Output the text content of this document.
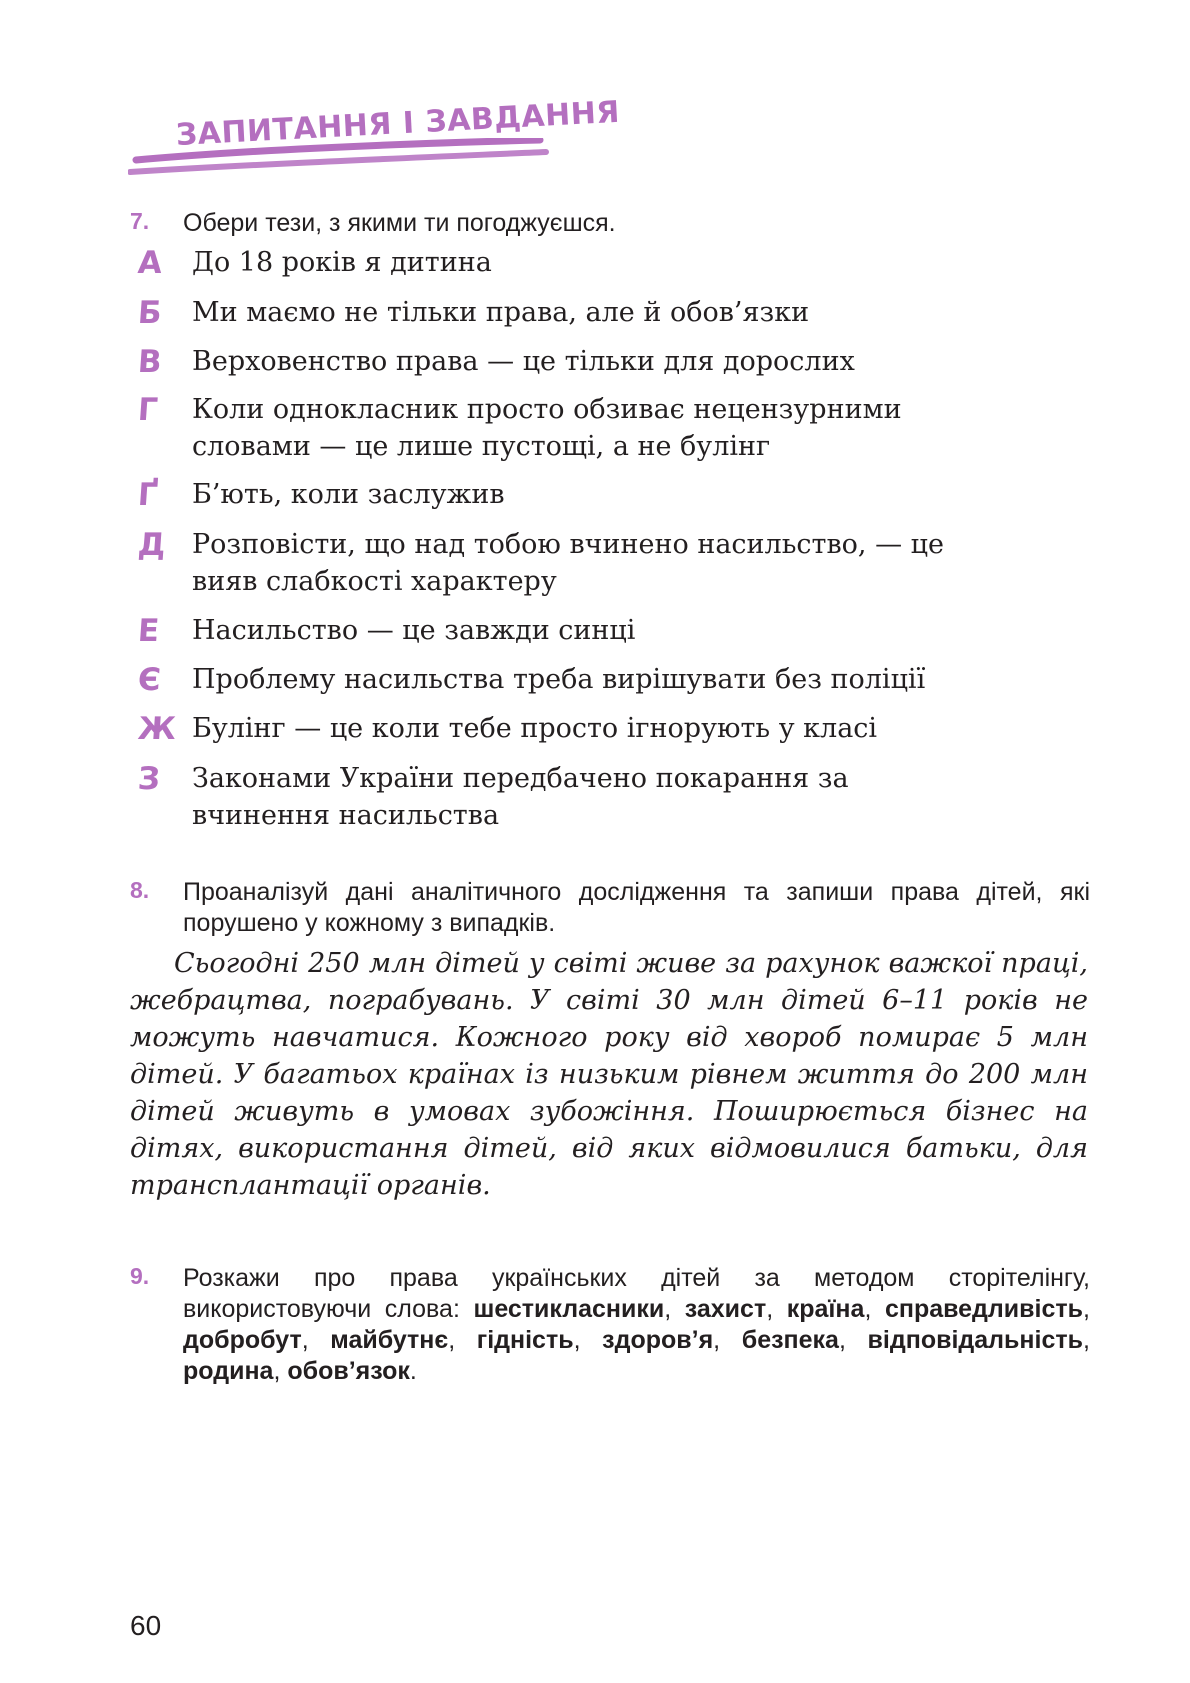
ЗАПИТАННЯ І ЗАВДАННЯ
7. Обери тези, з якими ти погоджуєшся.
А	До 18 років я дитина
Б	Ми маємо не тільки права, але й обов’язки
В	Верховенство права — це тільки для дорослих
Г	Коли однокласник просто обзиває нецензурними словами — це лише пустощі, а не булінг
Ґ	Б’ють, коли заслужив
Д Розповісти, що над тобою вчинено насильство, — це вияв слабкості характеру
Е	Насильство — це завжди синці
Є	Проблему насильства треба вирішувати без поліції
Ж Булінг — це коли тебе просто ігнорують у класі
З	Законами України передбачено покарання за вчинення насильства
8. Проаналізуй дані аналітичного дослідження та запиши права дітей, які порушено у кожному з випадків.
Сьогодні 250 млн дітей у світі живе за рахунок важкої праці, жебрацтва, пограбувань. У світі 30 млн дітей 6–11 років не можуть навчатися. Кожного року від хвороб помирає 5 млн дітей. У багатьох країнах із низьким рівнем життя до 200 млн дітей живуть в умовах зубожіння. Поширюється бізнес на дітях, використання дітей, від яких відмовилися батьки, для трансплантації органів.
9. Розкажи про права українських дітей за методом сторітелінгу, використовуючи слова: шестикласники, захист, країна, справедливість, добробут, майбутнє, гідність, здоров’я, безпека, відповідальність, родина, обов’язок.
60
